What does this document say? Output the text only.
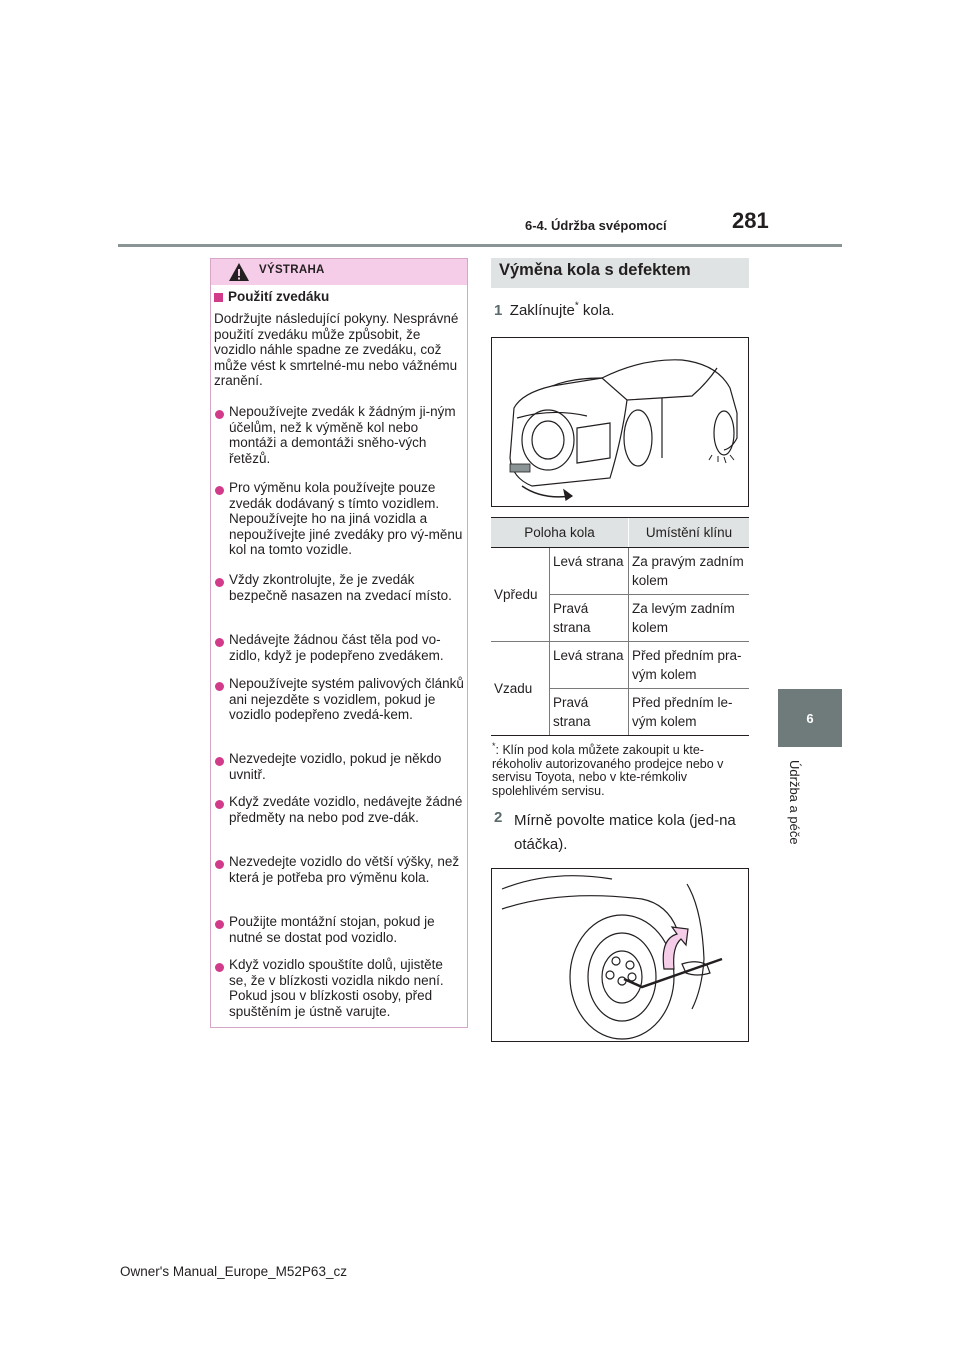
6-4. Údržba svépomocí	281
6
Údržba a péče
VÝSTRAHA
Použití zvedáku
Dodržujte následující pokyny. Nesprávné použití zvedáku může způsobit, že vozidlo náhle spadne ze zvedáku, což může vést k smrtelné-mu nebo vážnému zranění.
Nepoužívejte zvedák k žádným ji-ným účelům, než k výměně kol nebo montáži a demontáži sněho-vých řetězů.
Pro výměnu kola používejte pouze zvedák dodávaný s tímto vozidlem. Nepoužívejte ho na jiná vozidla a nepoužívejte jiné zvedáky pro vý-měnu kol na tomto vozidle.
Vždy zkontrolujte, že je zvedák bezpečně nasazen na zvedací místo.
Nedávejte žádnou část těla pod vo-zidlo, když je podepřeno zvedákem.
Nepoužívejte systém palivových článků ani nejezděte s vozidlem, pokud je vozidlo podepřeno zvedá-kem.
Nezvedejte vozidlo, pokud je někdo uvnitř.
Když zvedáte vozidlo, nedávejte žádné předměty na nebo pod zve-dák.
Nezvedejte vozidlo do větší výšky, než která je potřeba pro výměnu kola.
Použijte montážní stojan, pokud je nutné se dostat pod vozidlo.
Když vozidlo spouštíte dolů, ujistěte se, že v blízkosti vozidla nikdo není. Pokud jsou v blízkosti osoby, před spuštěním je ústně varujte.
Výměna kola s defektem
1 Zaklínujte* kola.
Poloha kola		Umístění klínu
Vpředu	Levá strana	Za pravým zadním kolem
	Pravá strana	Za levým zadním kolem
Vzadu	Levá strana	Před předním pra-vým kolem
	Pravá strana	Před předním le-vým kolem
*: Klín pod kola můžete zakoupit u kte-rékoholiv autorizovaného prodejce nebo v servisu Toyota, nebo v kte-rémkoliv spolehlivém servisu.
2 Mírně povolte matice kola (jed-na otáčka).
Owner's Manual_Europe_M52P63_cz
